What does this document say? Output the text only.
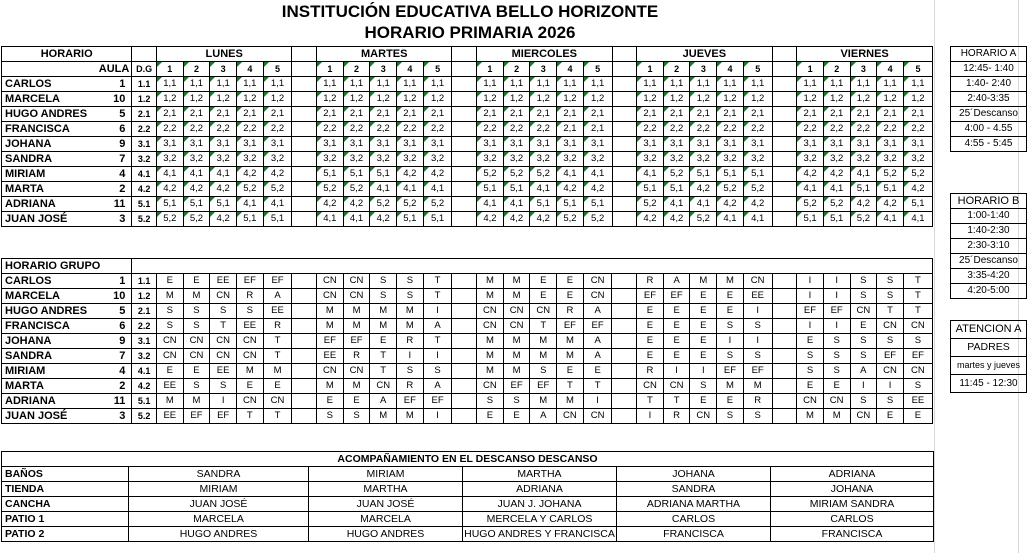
INSTITUCIÓN EDUCATIVA BELLO HORIZONTE
HORARIO PRIMARIA 2026
HORARIO		LUNES						MARTES						MIERCOLES						JUEVES						VIERNES				
AULA	D.G	1	2	3	4	5		1	2	3	4	5		1	2	3	4	5		1	2	3	4	5		1	2	3	4	5
CARLOS 1	1.1	1,1	1,1	1,1	1,1	1,1		1,1	1,1	1,1	1,1	1,1		1,1	1,1	1,1	1,1	1,1		1,1	1,1	1,1	1,1	1,1		1,1	1,1	1,1	1,1	1,1
MARCELA 10	1.2	1,2	1,2	1,2	1,2	1,2		1,2	1,2	1,2	1,2	1,2		1,2	1,2	1,2	1,2	1,2		1,2	1,2	1,2	1,2	1,2		1,2	1,2	1,2	1,2	1,2
HUGO ANDRES 5	2.1	2,1	2,1	2,1	2,1	2,1		2,1	2,1	2,1	2,1	2,1		2,1	2,1	2,1	2,1	2,1		2,1	2,1	2,1	2,1	2,1		2,1	2,1	2,1	2,1	2,1
FRANCISCA 6	2.2	2,2	2,2	2,2	2,2	2,2		2,2	2,2	2,2	2,2	2,2		2,2	2,2	2,2	2,1	2,1		2,2	2,2	2,2	2,2	2,2		2,2	2,2	2,2	2,2	2,2
JOHANA 9	3.1	3,1	3,1	3,1	3,1	3,1		3,1	3,1	3,1	3,1	3,1		3,1	3,1	3,1	3,1	3,1		3,1	3,1	3,1	3,1	3,1		3,1	3,1	3,1	3,1	3,1
SANDRA 7	3.2	3,2	3,2	3,2	3,2	3,2		3,2	3,2	3,2	3,2	3,2		3,2	3,2	3,2	3,2	3,2		3,2	3,2	3,2	3,2	3,2		3,2	3,2	3,2	3,2	3,2
MIRIAM 4	4.1	4,1	4,1	4,1	4,2	4,2		5,1	5,1	5,1	4,2	4,2		5,2	5,2	5,2	4,1	4,1		4,1	5,2	5,1	5,1	5,1		4,2	4,2	4,1	5,2	5,2
MARTA 2	4.2	4,2	4,2	4,2	5,2	5,2		5,2	5,2	4,1	4,1	4,1		5,1	5,1	4,1	4,2	4,2		5,1	5,1	4,2	5,2	5,2		4,1	4,1	5,1	5,1	4,2
ADRIANA 11	5.1	5,1	5,1	5,1	4,1	4,1		4,2	4,2	5,2	5,2	5,2		4,1	4,1	5,1	5,1	5,1		5,2	4,1	4,1	4,2	4,2		5,2	5,2	4,2	4,2	5,1
JUAN JOSÉ 3	5.2	5,2	5,2	4,2	5,1	5,1		4,1	4,1	4,2	5,1	5,1		4,2	4,2	4,2	5,2	5,2		4,2	4,2	5,2	4,1	4,1		5,1	5,1	5,2	4,1	4,1
HORARIO GRUPO																														
CARLOS 1	1.1	E	E	EE	EF	EF		CN	CN	S	S	T		M	M	E	E	CN		R	A	M	M	CN		I	I	S	S	T
MARCELA 10	1.2	M	M	CN	R	A		CN	CN	S	S	T		M	M	E	E	CN		EF	EF	E	E	EE		I	I	S	S	T
HUGO ANDRES 5	2.1	S	S	S	S	EE		M	M	M	M	I		CN	CN	CN	R	A		E	E	E	E	I		EF	EF	CN	T	T
FRANCISCA 6	2.2	S	S	T	EE	R		M	M	M	M	A		CN	CN	T	EF	EF		E	E	E	S	S		I	I	E	CN	CN
JOHANA 9	3.1	CN	CN	CN	CN	T		EF	EF	E	R	T		M	M	M	M	A		E	E	E	I	I		E	S	S	S	S
SANDRA 7	3.2	CN	CN	CN	CN	T		EE	R	T	I	I		M	M	M	M	A		E	E	E	S	S		S	S	S	EF	EF
MIRIAM 4	4.1	E	E	EE	M	M		CN	CN	T	S	S		M	M	S	E	E		R	I	I	EF	EF		S	S	A	CN	CN
MARTA 2	4.2	EE	S	S	E	E		M	M	CN	R	A		CN	EF	EF	T	T		CN	CN	S	M	M		E	E	I	I	S
ADRIANA 11	5.1	M	M	I	CN	CN		E	E	A	EF	EF		S	S	M	M	I		T	T	E	E	R		CN	CN	S	S	EE
JUAN JOSÉ 3	5.2	EE	EF	EF	T	T		S	S	M	M	I		E	E	A	CN	CN		I	R	CN	S	S		M	M	CN	E	E
ACOMPAÑAMIENTO EN EL DESCANSO DESCANSO					
BAÑOS	SANDRA	MIRIAM	MARTHA	JOHANA	ADRIANA
TIENDA	MIRIAM	MARTHA	ADRIANA	SANDRA	JOHANA
CANCHA	JUAN JOSÉ	JUAN JOSÉ	JUAN J. JOHANA	ADRIANA MARTHA	MIRIAM SANDRA
PATIO 1	MARCELA	MARCELA	MERCELA Y CARLOS	CARLOS	CARLOS
PATIO 2	HUGO ANDRES	HUGO ANDRES	HUGO ANDRES Y FRANCISCA	FRANCISCA	FRANCISCA
HORARIO A
12:45- 1:40
1:40- 2:40
2:40-3:35
25´Descanso
4:00 - 4.55
4:55 - 5:45
HORARIO B
1:00-1:40
1:40-2:30
2:30-3:10
25´Descanso
3:35-4:20
4:20-5:00
ATENCION A
PADRES
martes y jueves
11:45 - 12:30
